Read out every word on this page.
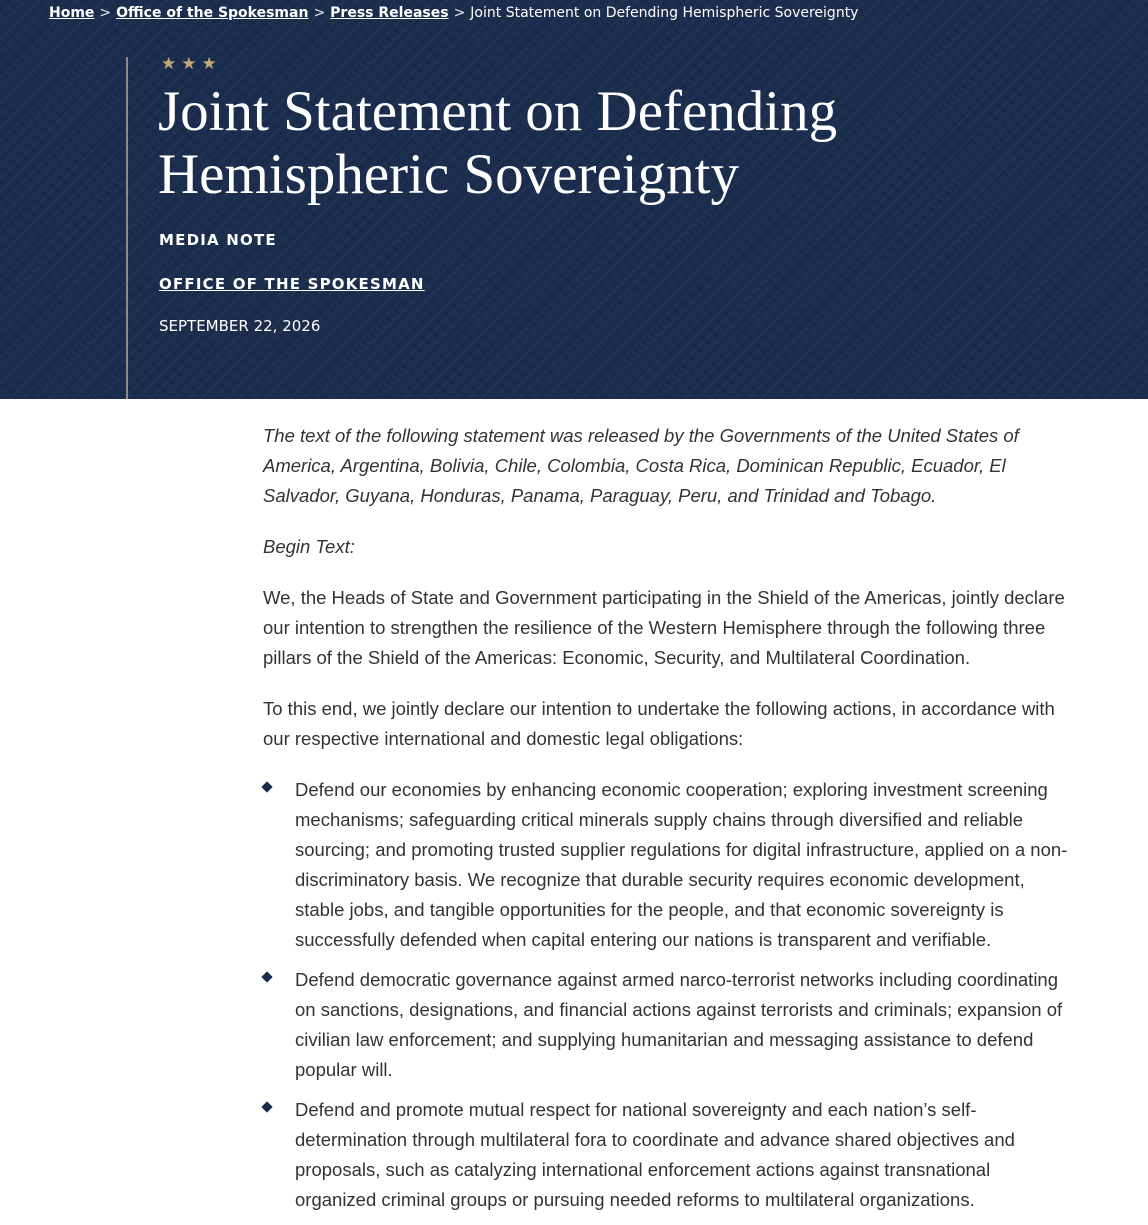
Home > Office of the Spokesman > Press Releases > Joint Statement on Defending Hemispheric Sovereignty
★★★
Joint Statement on Defending Hemispheric Sovereignty
MEDIA NOTE
OFFICE OF THE SPOKESMAN
SEPTEMBER 22, 2026

The text of the following statement was released by the Governments of the United States of America, Argentina, Bolivia, Chile, Colombia, Costa Rica, Dominican Republic, Ecuador, El Salvador, Guyana, Honduras, Panama, Paraguay, Peru, and Trinidad and Tobago.

Begin Text:

We, the Heads of State and Government participating in the Shield of the Americas, jointly declare our intention to strengthen the resilience of the Western Hemisphere through the following three pillars of the Shield of the Americas: Economic, Security, and Multilateral Coordination.

To this end, we jointly declare our intention to undertake the following actions, in accordance with our respective international and domestic legal obligations:

Defend our economies by enhancing economic cooperation; exploring investment screening mechanisms; safeguarding critical minerals supply chains through diversified and reliable sourcing; and promoting trusted supplier regulations for digital infrastructure, applied on a non-discriminatory basis. We recognize that durable security requires economic development, stable jobs, and tangible opportunities for the people, and that economic sovereignty is successfully defended when capital entering our nations is transparent and verifiable.
Defend democratic governance against armed narco-terrorist networks including coordinating on sanctions, designations, and financial actions against terrorists and criminals; expansion of civilian law enforcement; and supplying humanitarian and messaging assistance to defend popular will.
Defend and promote mutual respect for national sovereignty and each nation’s self-determination through multilateral fora to coordinate and advance shared objectives and proposals, such as catalyzing international enforcement actions against transnational organized criminal groups or pursuing needed reforms to multilateral organizations.
